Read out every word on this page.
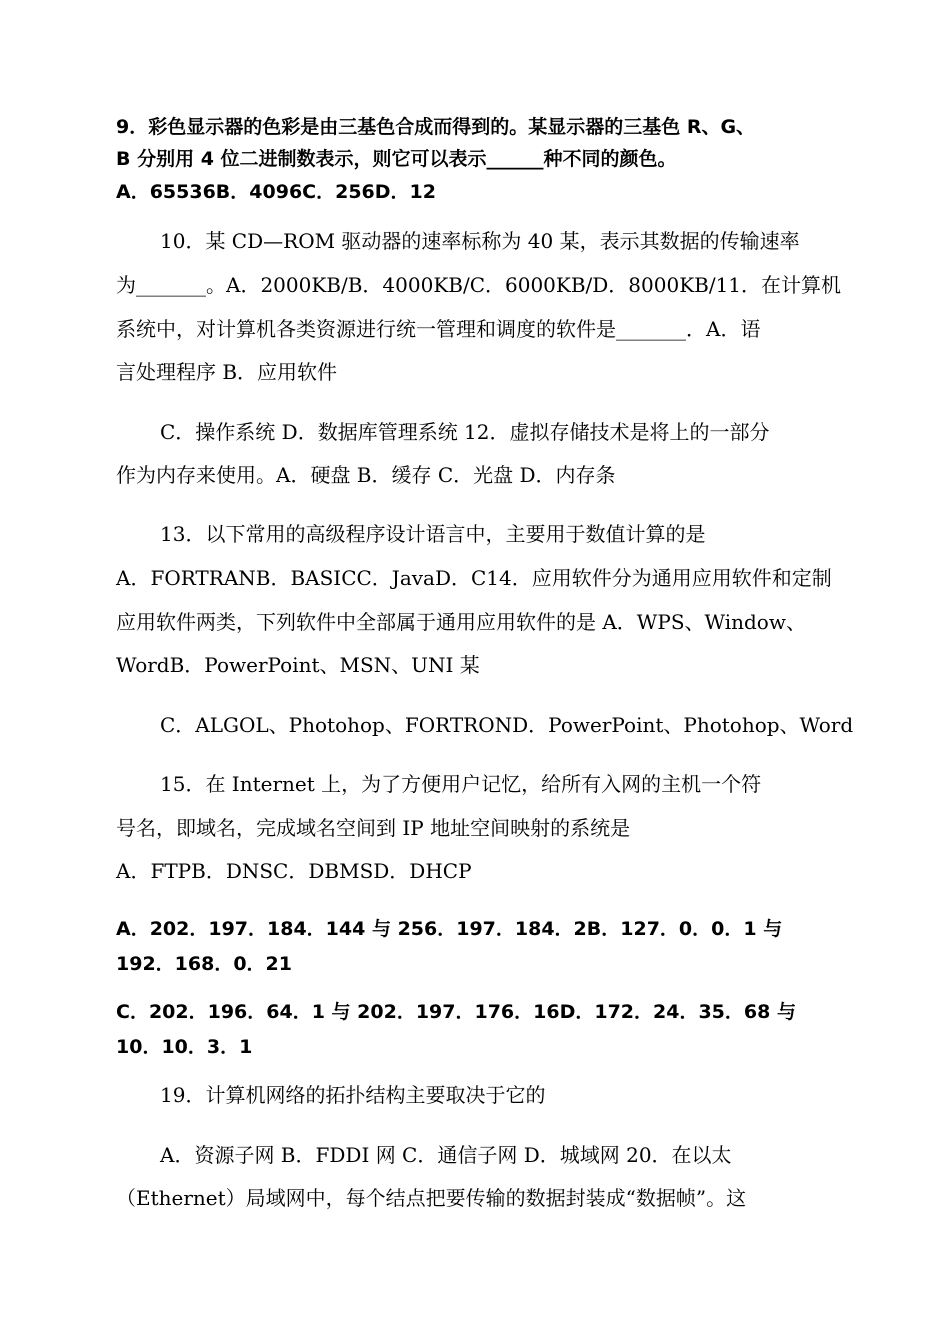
9．彩色显示器的色彩是由三基色合成而得到的。某显示器的三基色 R、G、
B 分别用 4 位二进制数表示，则它可以表示______种不同的颜色。
A．65536B．4096C．256D．12
10．某 CD—ROM 驱动器的速率标称为 40 某，表示其数据的传输速率
为_______。A．2000KB/B．4000KB/C．6000KB/D．8000KB/11．在计算机
系统中，对计算机各类资源进行统一管理和调度的软件是_______．A．语
言处理程序 B．应用软件
C．操作系统 D．数据库管理系统 12．虚拟存储技术是将上的一部分
作为内存来使用。A．硬盘 B．缓存 C．光盘 D．内存条
13．以下常用的高级程序设计语言中，主要用于数值计算的是
A．FORTRANB．BASICC．JavaD．C14．应用软件分为通用应用软件和定制
应用软件两类，下列软件中全部属于通用应用软件的是 A．WPS、Window、
WordB．PowerPoint、MSN、UNI 某
C．ALGOL、Photohop、FORTROND．PowerPoint、Photohop、Word
15．在 Internet 上，为了方便用户记忆，给所有入网的主机一个符
号名，即域名，完成域名空间到 IP 地址空间映射的系统是
A．FTPB．DNSC．DBMSD．DHCP
A．202．197．184．144 与 256．197．184．2B．127．0．0．1 与
192．168．0．21
C．202．196．64．1 与 202．197．176．16D．172．24．35．68 与
10．10．3．1
19．计算机网络的拓扑结构主要取决于它的
A．资源子网 B．FDDI 网 C．通信子网 D．城域网 20．在以太
（Ethernet）局域网中，每个结点把要传输的数据封装成“数据帧”。这
